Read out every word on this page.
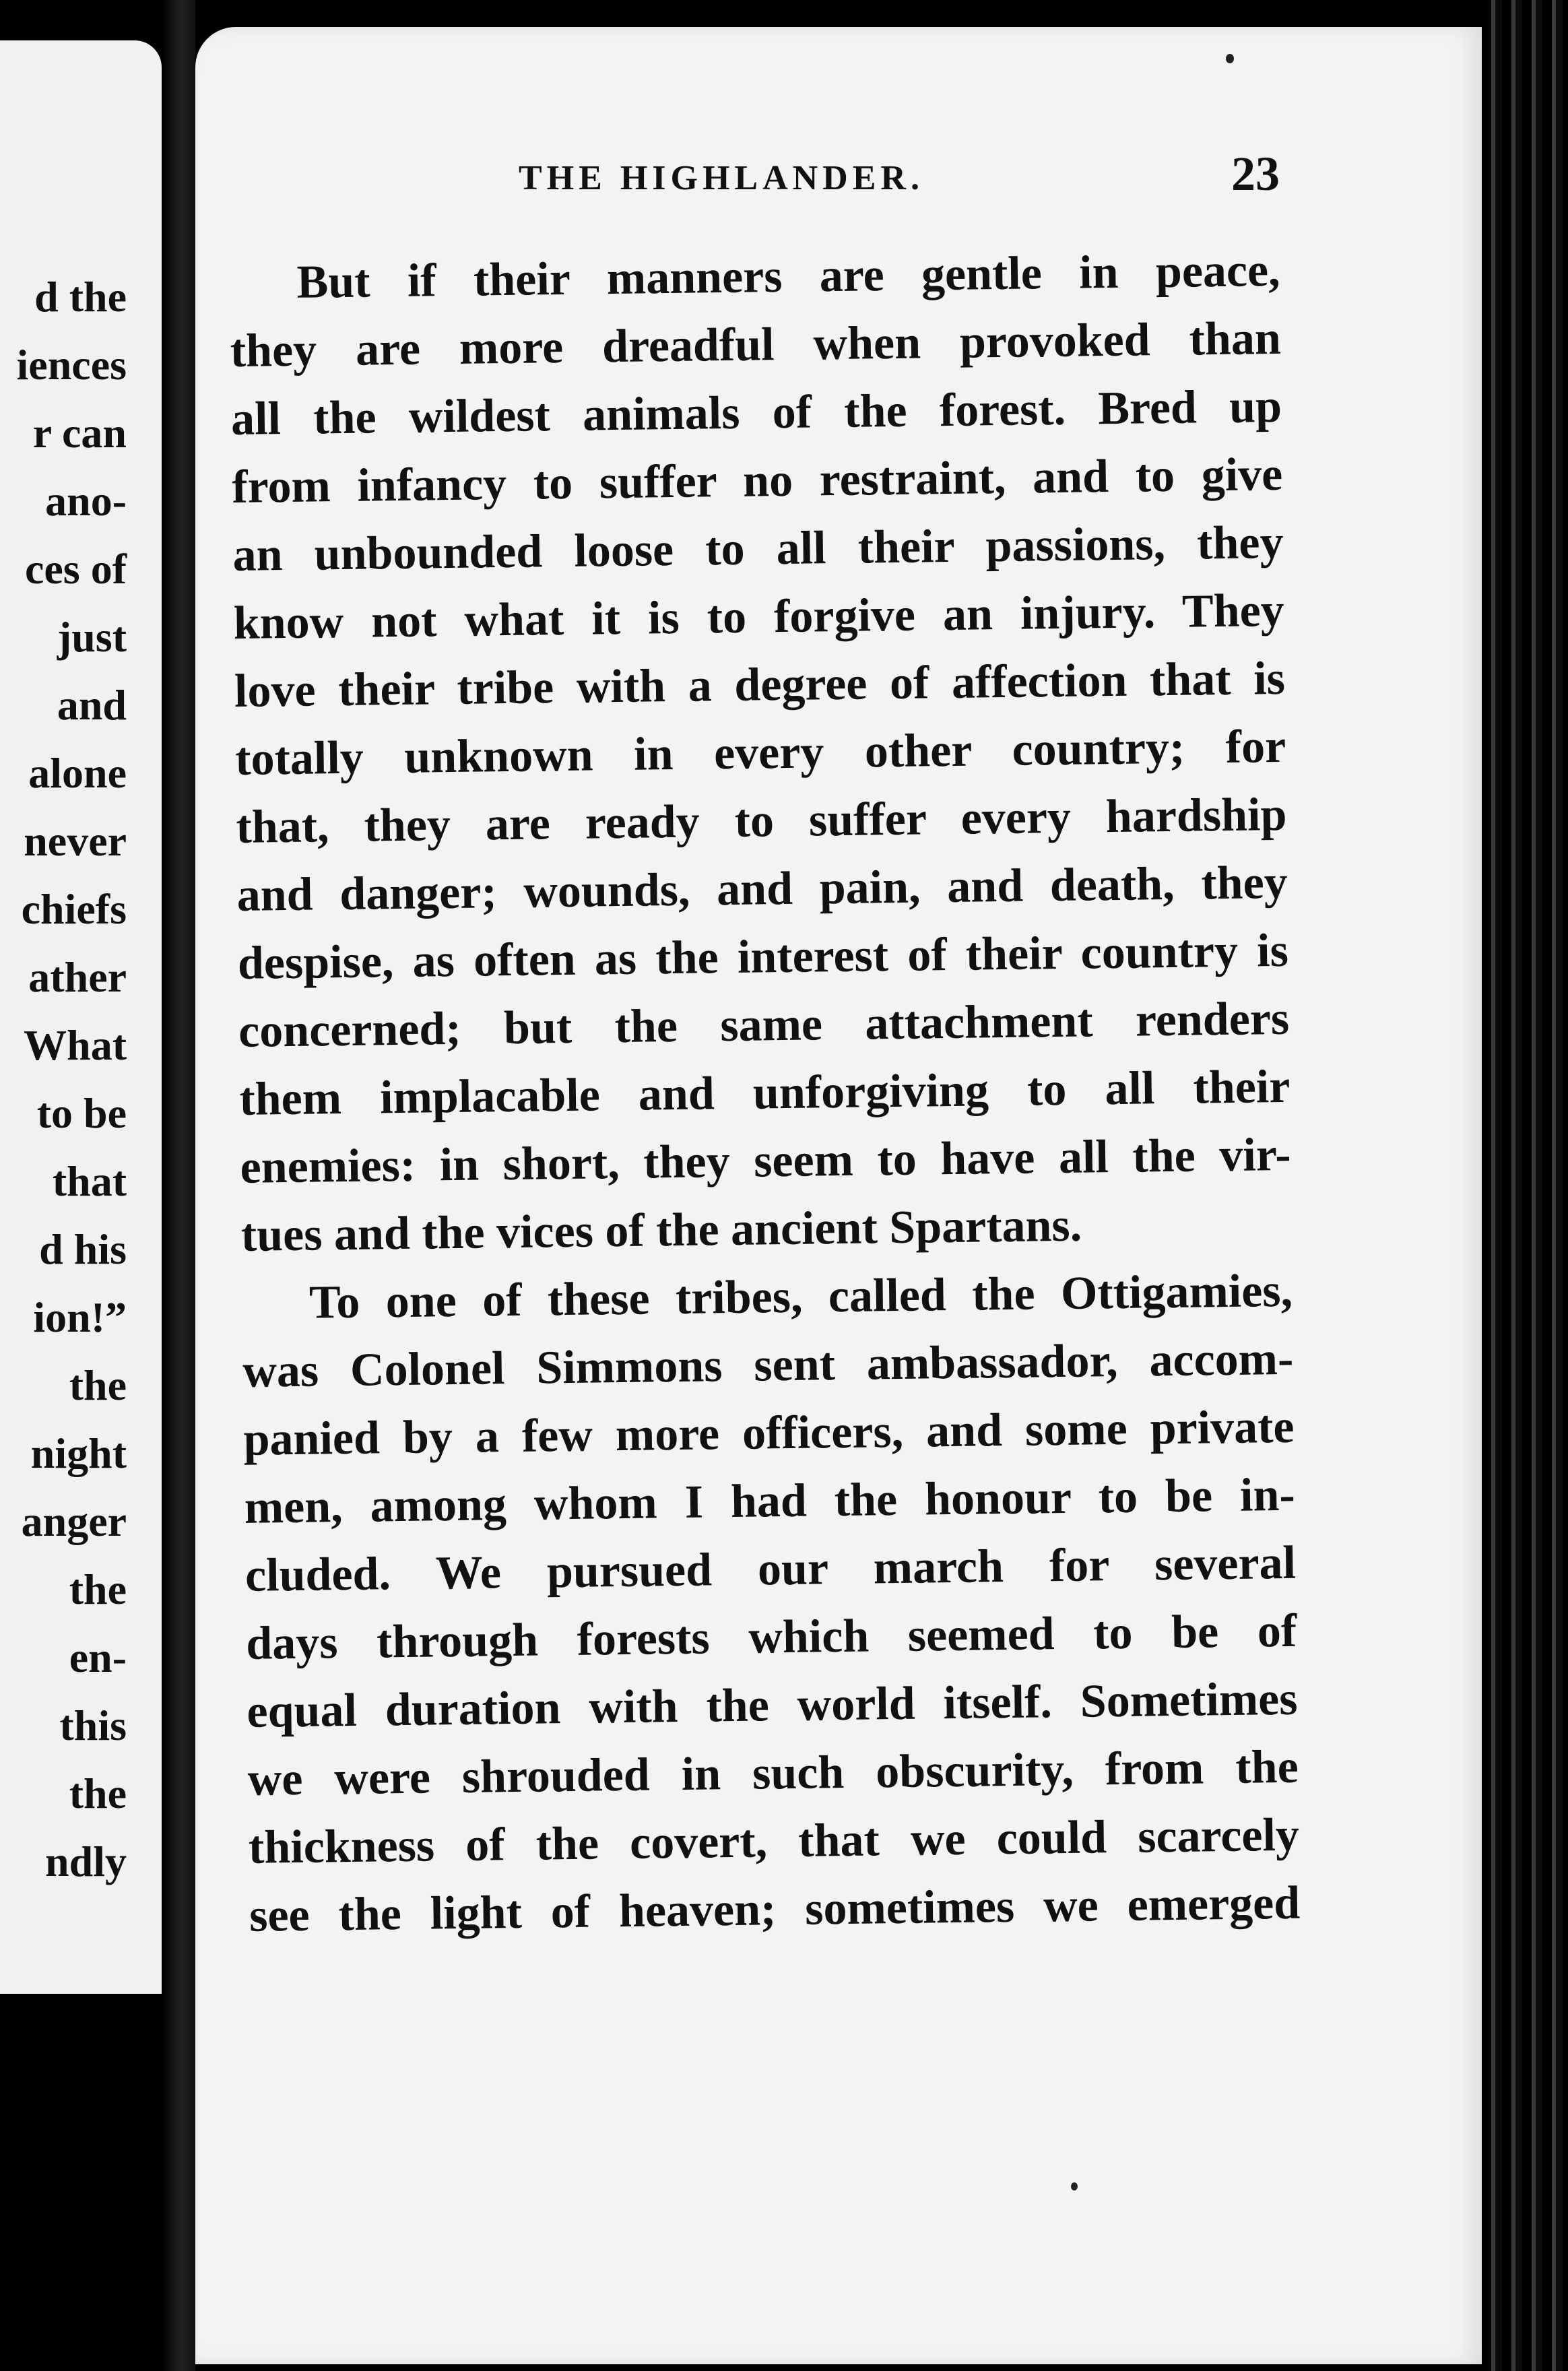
d the
iences
r can
ano-
ces of
just
and
alone
never
chiefs
ather
What
to be
that
d his
ion!”
the
night
anger
the
en-
this
the
ndly
THE HIGHLANDER.	23

But if their manners are gentle in peace,
they are more dreadful when provoked than
all the wildest animals of the forest. Bred up
from infancy to suffer no restraint, and to give
an unbounded loose to all their passions, they
know not what it is to forgive an injury. They
love their tribe with a degree of affection that is
totally unknown in every other country; for
that, they are ready to suffer every hardship
and danger; wounds, and pain, and death, they
despise, as often as the interest of their country is
concerned; but the same attachment renders
them implacable and unforgiving to all their
enemies: in short, they seem to have all the vir-
tues and the vices of the ancient Spartans.

To one of these tribes, called the Ottigamies,
was Colonel Simmons sent ambassador, accom-
panied by a few more officers, and some private
men, among whom I had the honour to be in-
cluded. We pursued our march for several
days through forests which seemed to be of
equal duration with the world itself. Sometimes
we were shrouded in such obscurity, from the
thickness of the covert, that we could scarcely
see the light of heaven; sometimes we emerged
